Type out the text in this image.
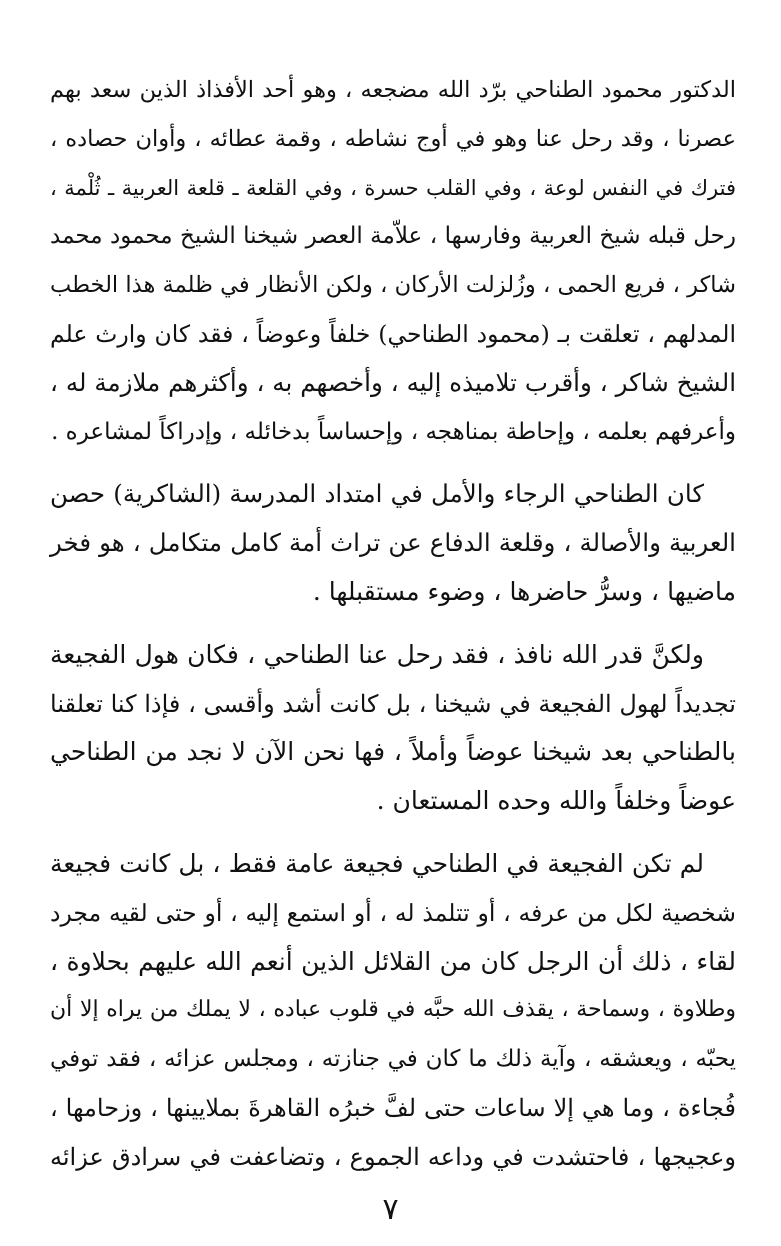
الدكتور محمود الطناحي برّد الله مضجعه ، وهو أحد الأفذاذ الذين سعد بهم
عصرنا ، وقد رحل عنا وهو في أوج نشاطه ، وقمة عطائه ، وأوان حصاده ،
فترك في النفس لوعة ، وفي القلب حسرة ، وفي القلعة ـ قلعة العربية ـ ثُلْمة ،
رحل قبله شيخ العربية وفارسها ، علاّمة العصر شيخنا الشيخ محمود محمد
شاكر ، فريع الحمى ، وزُلزلت الأركان ، ولكن الأنظار في ظلمة هذا الخطب
المدلهم ، تعلقت بـ (محمود الطناحي) خلفاً وعوضاً ، فقد كان وارث علم
الشيخ شاكر ، وأقرب تلاميذه إليه ، وأخصهم به ، وأكثرهم ملازمة له ،
وأعرفهم بعلمه ، وإحاطة بمناهجه ، وإحساساً بدخائله ، وإدراكاً لمشاعره .
كان الطناحي الرجاء والأمل في امتداد المدرسة (الشاكرية) حصن
العربية والأصالة ، وقلعة الدفاع عن تراث أمة كامل متكامل ، هو فخر
ماضيها ، وسرُّ حاضرها ، وضوء مستقبلها .
ولكنَّ قدر الله نافذ ، فقد رحل عنا الطناحي ، فكان هول الفجيعة
تجديداً لهول الفجيعة في شيخنا ، بل كانت أشد وأقسى ، فإذا كنا تعلقنا
بالطناحي بعد شيخنا عوضاً وأملاً ، فها نحن الآن لا نجد من الطناحي
عوضاً وخلفاً والله وحده المستعان .
لم تكن الفجيعة في الطناحي فجيعة عامة فقط ، بل كانت فجيعة
شخصية لكل من عرفه ، أو تتلمذ له ، أو استمع إليه ، أو حتى لقيه مجرد
لقاء ، ذلك أن الرجل كان من القلائل الذين أنعم الله عليهم بحلاوة ،
وطلاوة ، وسماحة ، يقذف الله حبَّه في قلوب عباده ، لا يملك من يراه إلا أن
يحبّه ، ويعشقه ، وآية ذلك ما كان في جنازته ، ومجلس عزائه ، فقد توفي
فُجاءة ، وما هي إلا ساعات حتى لفَّ خبرُه القاهرةَ بملايينها ، وزحامها ،
وعجيجها ، فاحتشدت في وداعه الجموع ، وتضاعفت في سرادق عزائه
٧
